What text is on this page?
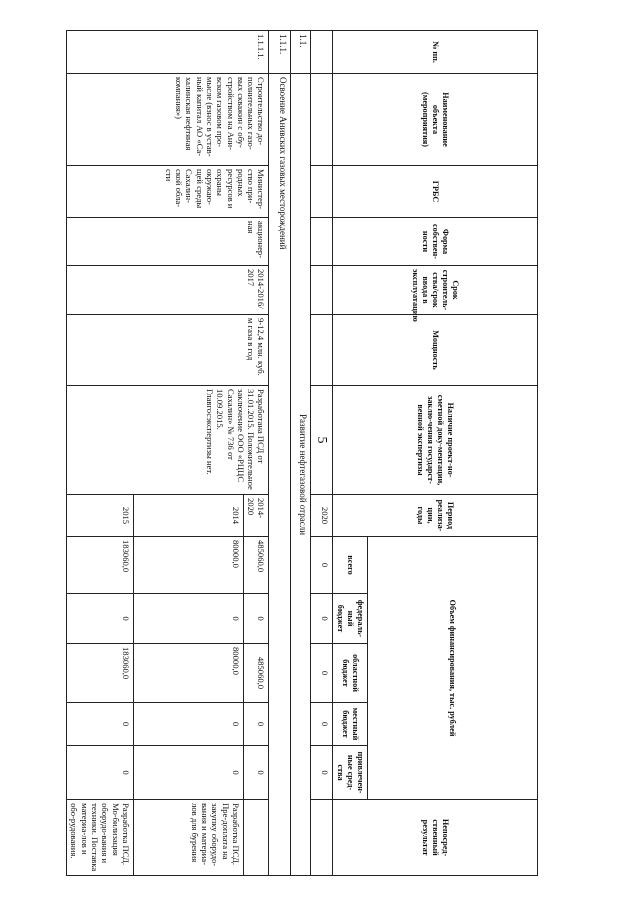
5
№ пп.	Наименование объекта (мероприятия)	ГРБС	Форма собствен-ности	Срок строитель-ства/срок ввода в эксплуатацию	Мощность	Наличие проект-но-сметной доку-ментации, заклю-чения государст-венной экспертизы	Период реализа-ции, годы	Объем финансирования, тыс. рублей					Непосред-ственный результат
								всего	федераль-ный бюджет	областной бюджет	местный бюджет	привлечен-ные сред-ства	
							2020	0	0	0	0	0	
1.1.	Развитие нефтегазовой отрасли												
1.1.1.	Освоение Анивских газовых месторождений												
1.1.1.1.	Строительство до-полнительных газо-вых скважин с обу-стройством на Ани-вском газовом про-мысле (взнос в устав-ный капитал АО «Са-халинская нефтяная компания»)	Министер-ство при-родных ресурсов и охраны окружаю-щей среды Сахалин-ской обла-сти	акционер-ная	2014-2016/ 2017	9-12,4 млн. куб. м газа в год	Разработана ПСД от 31.01.2015. Положительное заключение ООО «РЦЦС Сахалин» № 736 от 10.09.2015. Главгосэкспертизы нет.	2014-2020	485060,0	0	485060,0	0	0	
							2014	80000,0	0	80000,0	0	0	Разработка ПСД. Пре-доплата на закупку оборудо-вания и материа-лов для бурения
							2015	183060,0	0	183060,0	0	0	Разработка ПСД. Мо-билизация оборудо-вания и техники. Поставка материа-лов и обо-рудования.
